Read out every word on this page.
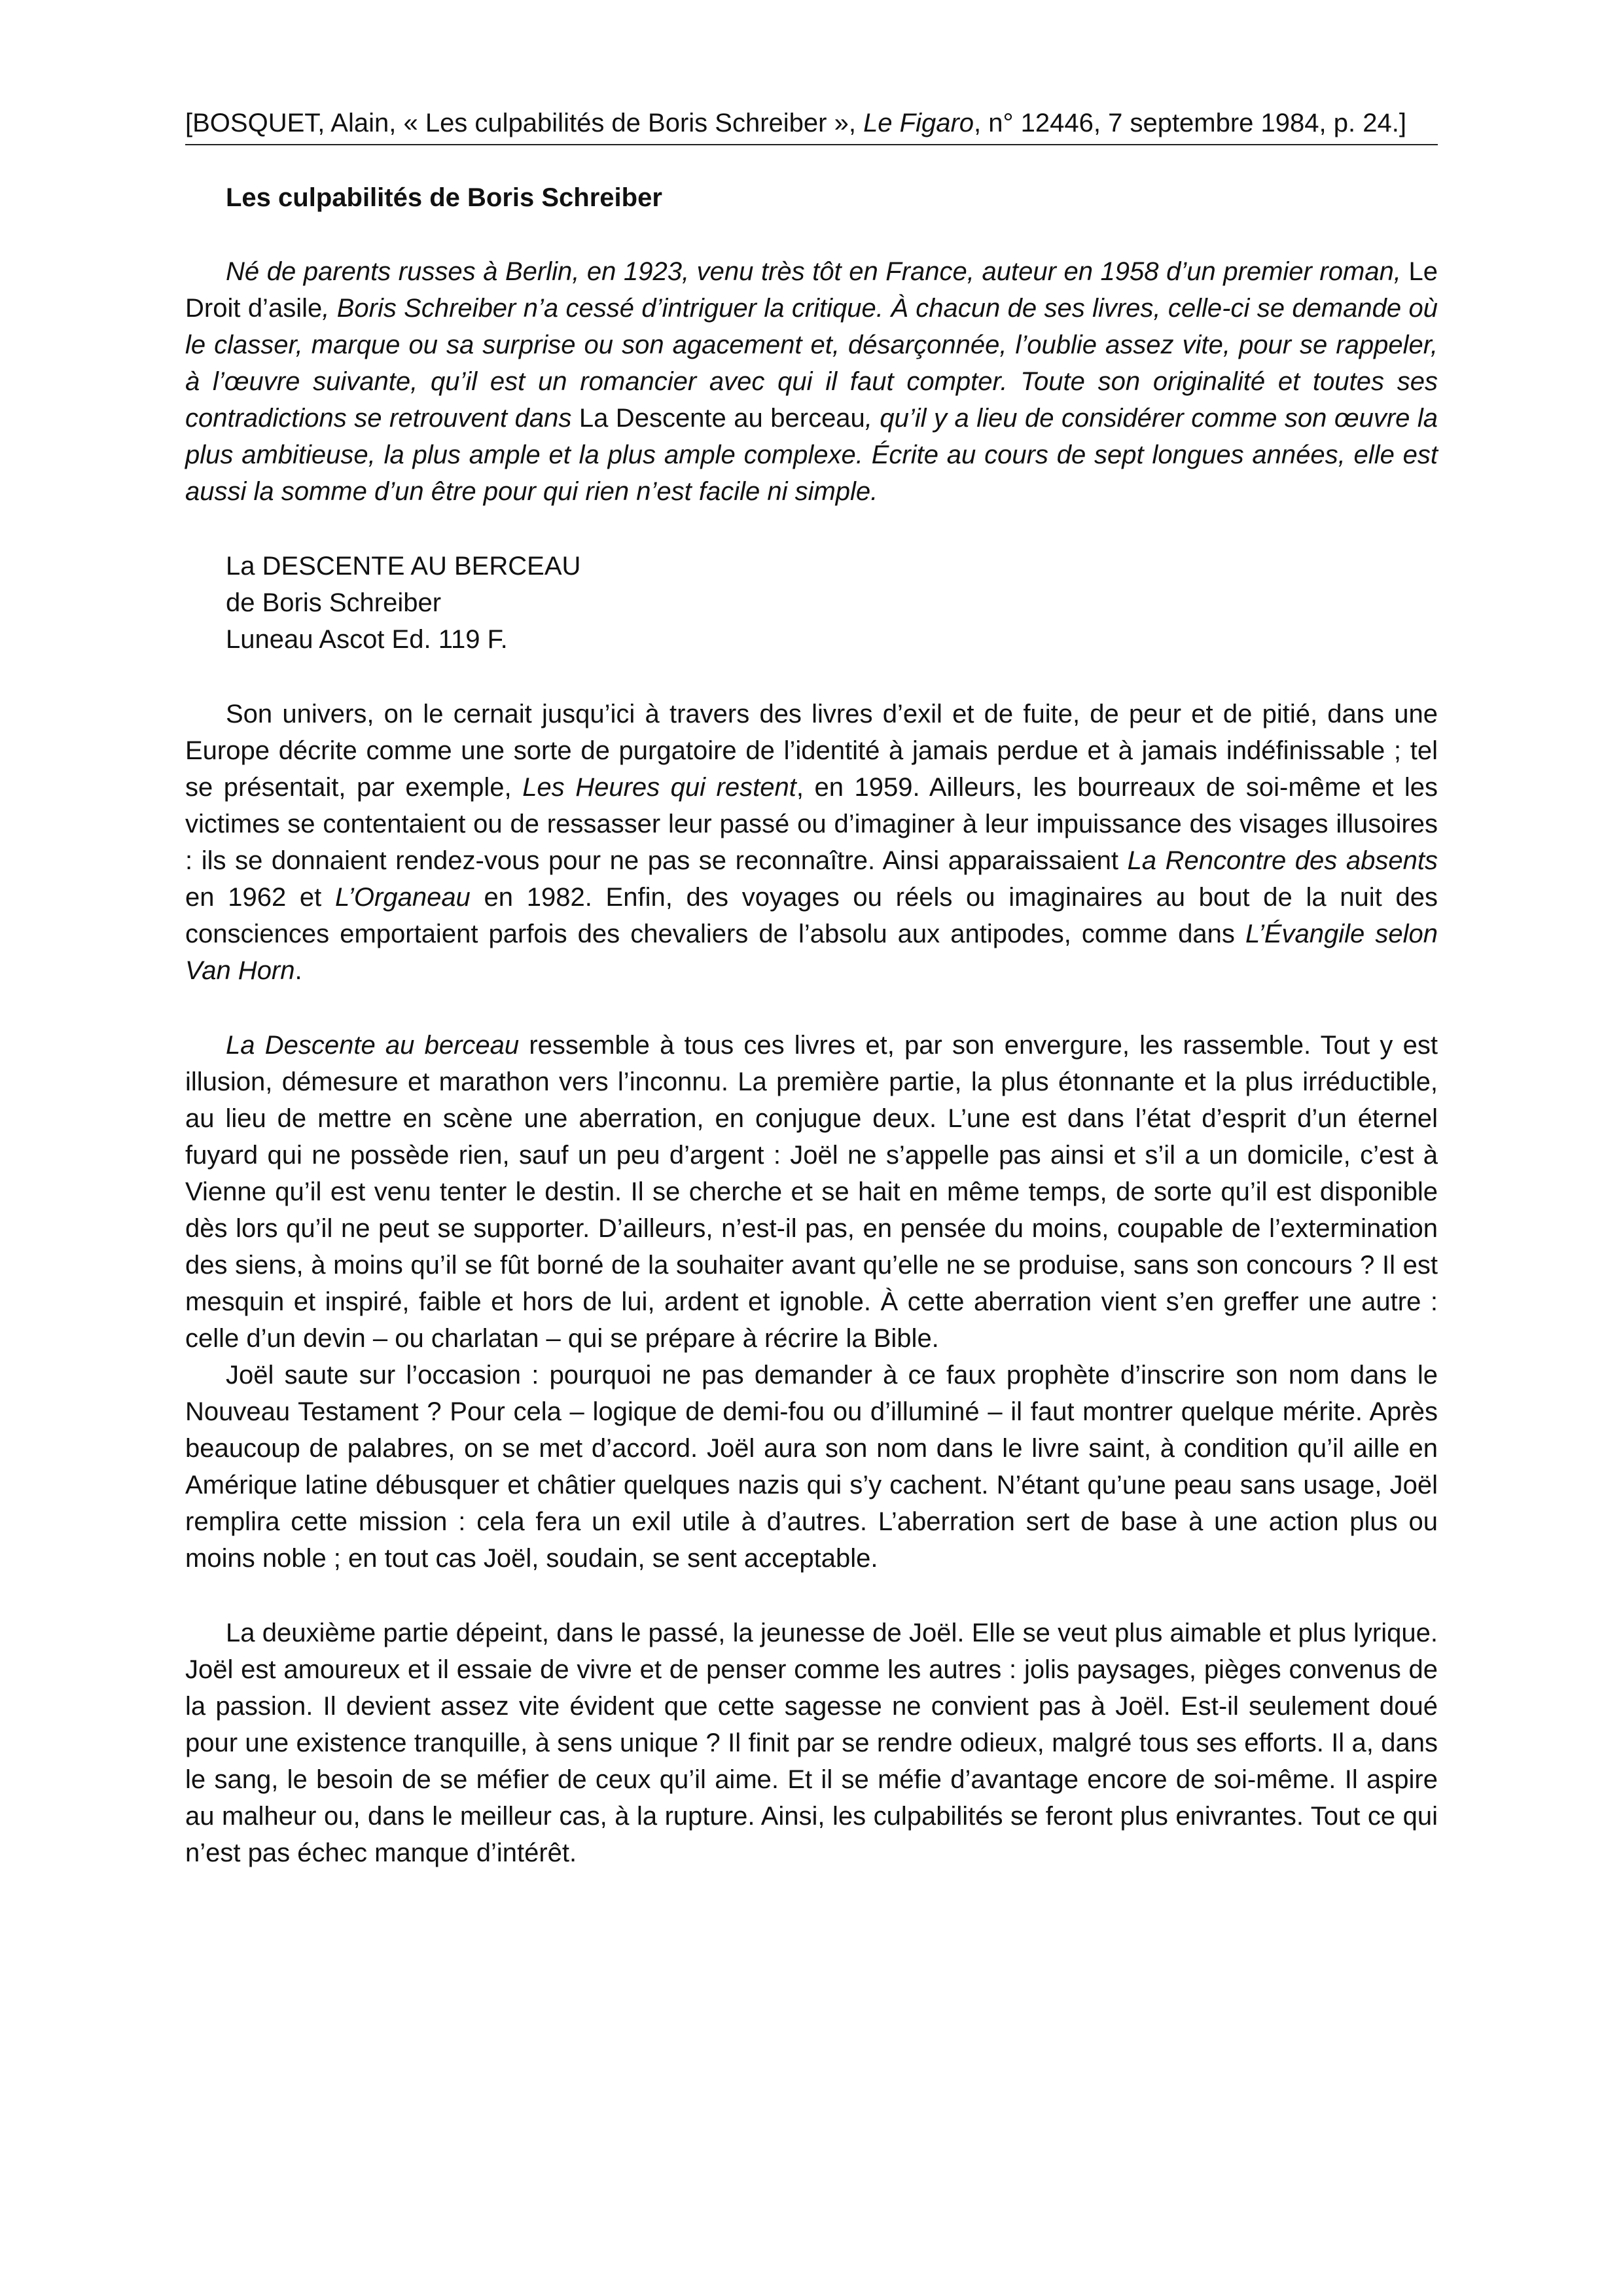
[BOSQUET, Alain, « Les culpabilités de Boris Schreiber », Le Figaro, n° 12446, 7 septembre 1984, p. 24.]
Les culpabilités de Boris Schreiber
Né de parents russes à Berlin, en 1923, venu très tôt en France, auteur en 1958 d’un premier roman, Le Droit d’asile, Boris Schreiber n’a cessé d’intriguer la critique. À chacun de ses livres, celle-ci se demande où le classer, marque ou sa surprise ou son agacement et, désarçonnée, l’oublie assez vite, pour se rappeler, à l’œuvre suivante, qu’il est un romancier avec qui il faut compter. Toute son originalité et toutes ses contradictions se retrouvent dans La Descente au berceau, qu’il y a lieu de considérer comme son œuvre la plus ambitieuse, la plus ample et la plus ample complexe. Écrite au cours de sept longues années, elle est aussi la somme d’un être pour qui rien n’est facile ni simple.
La DESCENTE AU BERCEAU
de Boris Schreiber
Luneau Ascot Ed. 119 F.
Son univers, on le cernait jusqu’ici à travers des livres d’exil et de fuite, de peur et de pitié, dans une Europe décrite comme une sorte de purgatoire de l’identité à jamais perdue et à jamais indéfinissable ; tel se présentait, par exemple, Les Heures qui restent, en 1959. Ailleurs, les bourreaux de soi-même et les victimes se contentaient ou de ressasser leur passé ou d’imaginer à leur impuissance des visages illusoires : ils se donnaient rendez-vous pour ne pas se reconnaître. Ainsi apparaissaient La Rencontre des absents en 1962 et L’Organeau en 1982. Enfin, des voyages ou réels ou imaginaires au bout de la nuit des consciences emportaient parfois des chevaliers de l’absolu aux antipodes, comme dans L’Évangile selon Van Horn.
La Descente au berceau ressemble à tous ces livres et, par son envergure, les rassemble. Tout y est illusion, démesure et marathon vers l’inconnu. La première partie, la plus étonnante et la plus irréductible, au lieu de mettre en scène une aberration, en conjugue deux. L’une est dans l’état d’esprit d’un éternel fuyard qui ne possède rien, sauf un peu d’argent : Joël ne s’appelle pas ainsi et s’il a un domicile, c’est à Vienne qu’il est venu tenter le destin. Il se cherche et se hait en même temps, de sorte qu’il est disponible dès lors qu’il ne peut se supporter. D’ailleurs, n’est-il pas, en pensée du moins, coupable de l’extermination des siens, à moins qu’il se fût borné de la souhaiter avant qu’elle ne se produise, sans son concours ? Il est mesquin et inspiré, faible et hors de lui, ardent et ignoble. À cette aberration vient s’en greffer une autre : celle d’un devin – ou charlatan – qui se prépare à récrire la Bible.
Joël saute sur l’occasion : pourquoi ne pas demander à ce faux prophète d’inscrire son nom dans le Nouveau Testament ? Pour cela – logique de demi-fou ou d’illuminé – il faut montrer quelque mérite. Après beaucoup de palabres, on se met d’accord. Joël aura son nom dans le livre saint, à condition qu’il aille en Amérique latine débusquer et châtier quelques nazis qui s’y cachent. N’étant qu’une peau sans usage, Joël remplira cette mission : cela fera un exil utile à d’autres. L’aberration sert de base à une action plus ou moins noble ; en tout cas Joël, soudain, se sent acceptable.
La deuxième partie dépeint, dans le passé, la jeunesse de Joël. Elle se veut plus aimable et plus lyrique. Joël est amoureux et il essaie de vivre et de penser comme les autres : jolis paysages, pièges convenus de la passion. Il devient assez vite évident que cette sagesse ne convient pas à Joël. Est-il seulement doué pour une existence tranquille, à sens unique ? Il finit par se rendre odieux, malgré tous ses efforts. Il a, dans le sang, le besoin de se méfier de ceux qu’il aime. Et il se méfie d’avantage encore de soi-même. Il aspire au malheur ou, dans le meilleur cas, à la rupture. Ainsi, les culpabilités se feront plus enivrantes. Tout ce qui n’est pas échec manque d’intérêt.
